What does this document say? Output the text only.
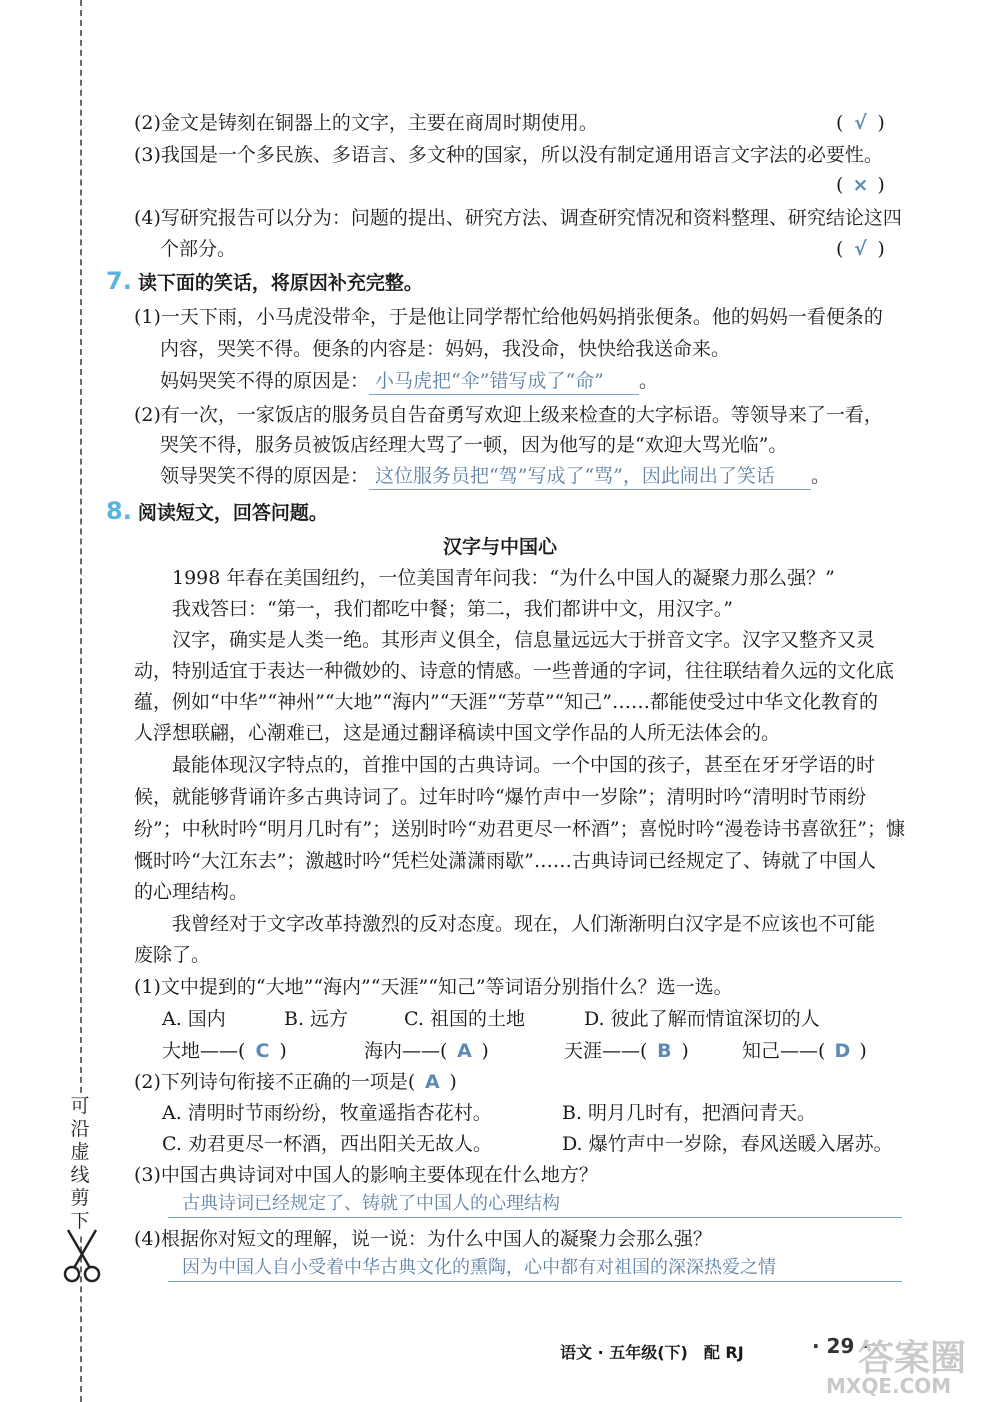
可沿虚线剪下
(2)金文是铸刻在铜器上的文字，主要在商周时期使用。	( √ )
(3)我国是一个多民族、多语言、多文种的国家，所以没有制定通用语言文字法的必要性。
( × )
(4)写研究报告可以分为：问题的提出、研究方法、调查研究情况和资料整理、研究结论这四
个部分。	( √ )
7. 读下面的笑话，将原因补充完整。
(1)一天下雨，小马虎没带伞，于是他让同学帮忙给他妈妈捎张便条。他的妈妈一看便条的
内容，哭笑不得。便条的内容是：妈妈，我没命，快快给我送命来。
妈妈哭笑不得的原因是： 小马虎把“伞”错写成了“命” 。
(2)有一次，一家饭店的服务员自告奋勇写欢迎上级来检查的大字标语。等领导来了一看，
哭笑不得，服务员被饭店经理大骂了一顿，因为他写的是“欢迎大骂光临”。
领导哭笑不得的原因是： 这位服务员把“驾”写成了“骂”，因此闹出了笑话 。
8. 阅读短文，回答问题。
汉字与中国心
1998 年春在美国纽约，一位美国青年问我：“为什么中国人的凝聚力那么强？”
我戏答曰：“第一，我们都吃中餐；第二，我们都讲中文，用汉字。”
汉字，确实是人类一绝。其形声义俱全，信息量远远大于拼音文字。汉字又整齐又灵
动，特别适宜于表达一种微妙的、诗意的情感。一些普通的字词，往往联结着久远的文化底
蕴，例如“中华”“神州”“大地”“海内”“天涯”“芳草”“知己”……都能使受过中华文化教育的
人浮想联翩，心潮难已，这是通过翻译稿读中国文学作品的人所无法体会的。
最能体现汉字特点的，首推中国的古典诗词。一个中国的孩子，甚至在牙牙学语的时
候，就能够背诵许多古典诗词了。过年时吟“爆竹声中一岁除”；清明时吟“清明时节雨纷
纷”；中秋时吟“明月几时有”；送别时吟“劝君更尽一杯酒”；喜悦时吟“漫卷诗书喜欲狂”；慷
慨时吟“大江东去”；激越时吟“凭栏处潇潇雨歇”……古典诗词已经规定了、铸就了中国人
的心理结构。
我曾经对于文字改革持激烈的反对态度。现在，人们渐渐明白汉字是不应该也不可能
废除了。
(1)文中提到的“大地”“海内”“天涯”“知己”等词语分别指什么？选一选。
A. 国内	B. 远方	C. 祖国的土地	D. 彼此了解而情谊深切的人
大地——( C )	海内——( A )	天涯——( B )	知己——( D )
(2)下列诗句衔接不正确的一项是( A )
A. 清明时节雨纷纷，牧童遥指杏花村。	B. 明月几时有，把酒问青天。
C. 劝君更尽一杯酒，西出阳关无故人。	D. 爆竹声中一岁除，春风送暖入屠苏。
(3)中国古典诗词对中国人的影响主要体现在什么地方？
古典诗词已经规定了、铸就了中国人的心理结构
(4)根据你对短文的理解，说一说：为什么中国人的凝聚力会那么强？
因为中国人自小受着中华古典文化的熏陶，心中都有对祖国的深深热爱之情
语文 · 五年级(下)　配 RJ	· 29 ·
答案圈
MXQE.COM
